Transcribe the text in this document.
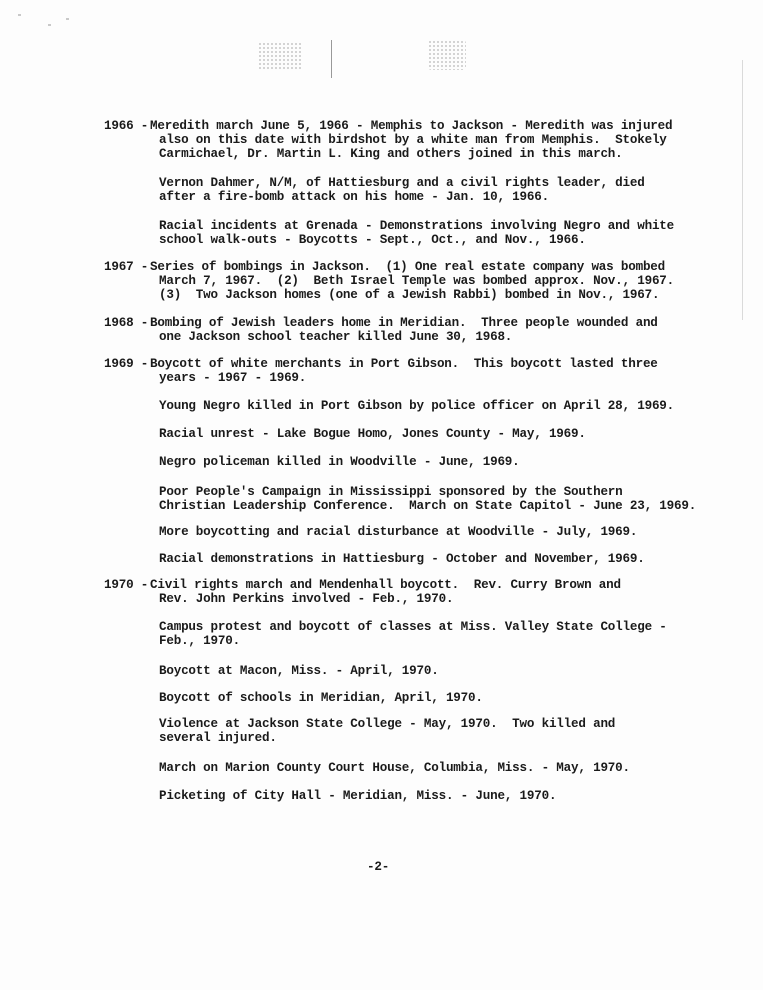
1966 - Meredith march June 5, 1966 - Memphis to Jackson - Meredith was injured
also on this date with birdshot by a white man from Memphis.  Stokely
Carmichael, Dr. Martin L. King and others joined in this march.
Vernon Dahmer, N/M, of Hattiesburg and a civil rights leader, died
after a fire-bomb attack on his home - Jan. 10, 1966.
Racial incidents at Grenada - Demonstrations involving Negro and white
school walk-outs - Boycotts - Sept., Oct., and Nov., 1966.
1967 - Series of bombings in Jackson.  (1) One real estate company was bombed
March 7, 1967.  (2)  Beth Israel Temple was bombed approx. Nov., 1967.
(3)  Two Jackson homes (one of a Jewish Rabbi) bombed in Nov., 1967.
1968 - Bombing of Jewish leaders home in Meridian.  Three people wounded and
one Jackson school teacher killed June 30, 1968.
1969 - Boycott of white merchants in Port Gibson.  This boycott lasted three
years - 1967 - 1969.
Young Negro killed in Port Gibson by police officer on April 28, 1969.
Racial unrest - Lake Bogue Homo, Jones County - May, 1969.
Negro policeman killed in Woodville - June, 1969.
Poor People's Campaign in Mississippi sponsored by the Southern
Christian Leadership Conference.  March on State Capitol - June 23, 1969.
More boycotting and racial disturbance at Woodville - July, 1969.
Racial demonstrations in Hattiesburg - October and November, 1969.
1970 - Civil rights march and Mendenhall boycott.  Rev. Curry Brown and
Rev. John Perkins involved - Feb., 1970.
Campus protest and boycott of classes at Miss. Valley State College -
Feb., 1970.
Boycott at Macon, Miss. - April, 1970.
Boycott of schools in Meridian, April, 1970.
Violence at Jackson State College - May, 1970.  Two killed and
several injured.
March on Marion County Court House, Columbia, Miss. - May, 1970.
Picketing of City Hall - Meridian, Miss. - June, 1970.
-2-
